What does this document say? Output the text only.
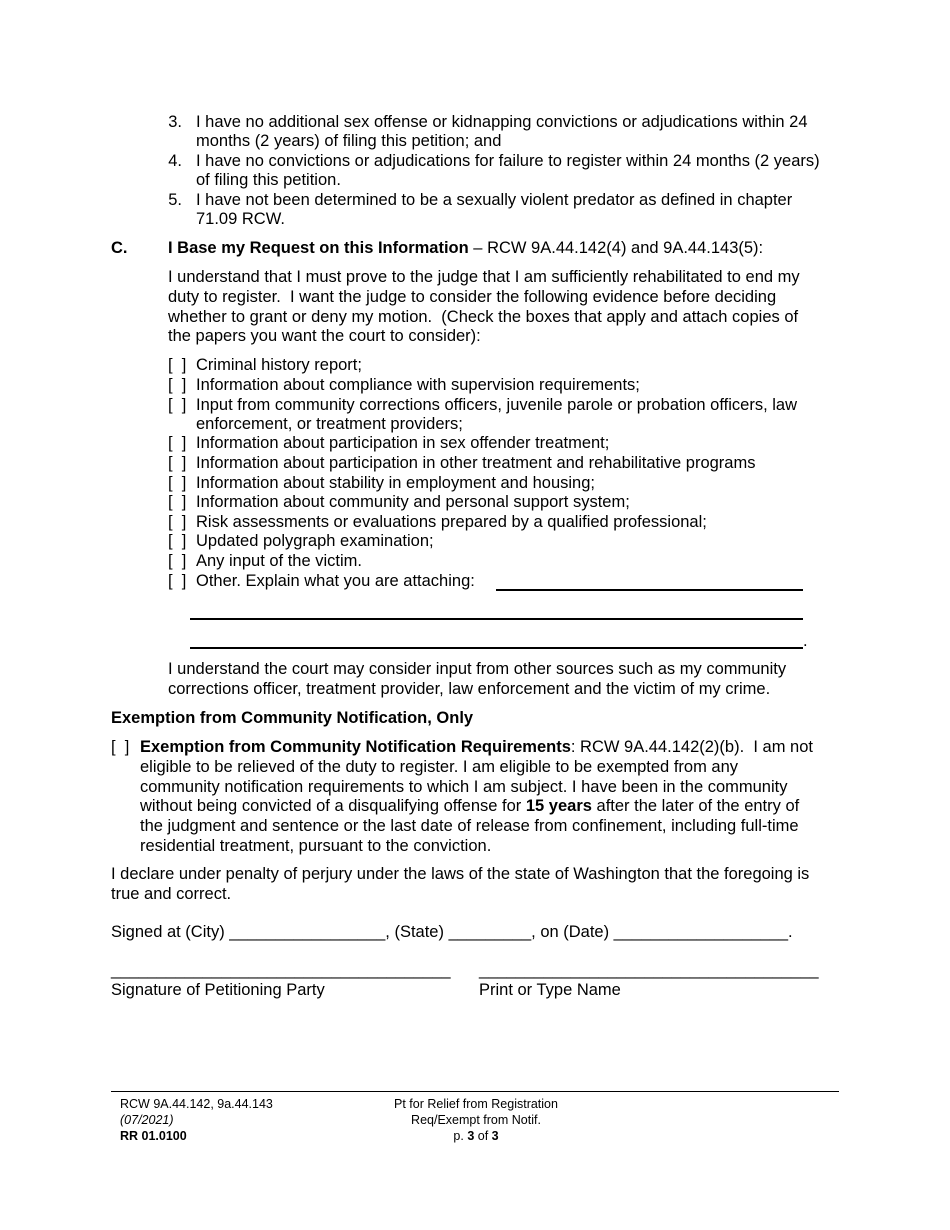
3. I have no additional sex offense or kidnapping convictions or adjudications within 24
months (2 years) of filing this petition; and
4. I have no convictions or adjudications for failure to register within 24 months (2 years)
of filing this petition.
5. I have not been determined to be a sexually violent predator as defined in chapter
71.09 RCW.
C. I Base my Request on this Information – RCW 9A.44.142(4) and 9A.44.143(5):
I understand that I must prove to the judge that I am sufficiently rehabilitated to end my
duty to register.  I want the judge to consider the following evidence before deciding
whether to grant or deny my motion.  (Check the boxes that apply and attach copies of
the papers you want the court to consider):
[  ] Criminal history report;
[  ] Information about compliance with supervision requirements;
[  ] Input from community corrections officers, juvenile parole or probation officers, law
enforcement, or treatment providers;
[  ] Information about participation in sex offender treatment;
[  ] Information about participation in other treatment and rehabilitative programs
[  ] Information about stability in employment and housing;
[  ] Information about community and personal support system;
[  ] Risk assessments or evaluations prepared by a qualified professional;
[  ] Updated polygraph examination;
[  ] Any input of the victim.
[  ] Other. Explain what you are attaching:
.
I understand the court may consider input from other sources such as my community
corrections officer, treatment provider, law enforcement and the victim of my crime.
Exemption from Community Notification, Only
[  ] Exemption from Community Notification Requirements: RCW 9A.44.142(2)(b).  I am not
eligible to be relieved of the duty to register. I am eligible to be exempted from any
community notification requirements to which I am subject. I have been in the community
without being convicted of a disqualifying offense for 15 years after the later of the entry of
the judgment and sentence or the last date of release from confinement, including full-time
residential treatment, pursuant to the conviction.
I declare under penalty of perjury under the laws of the state of Washington that the foregoing is
true and correct.
Signed at (City) _________________, (State) _________, on (Date) ___________________.
_____________________________________ _____________________________________
Signature of Petitioning Party	Print or Type Name
RCW 9A.44.142, 9a.44.143
(07/2021)
RR 01.0100
Pt for Relief from Registration
Req/Exempt from Notif.
p. 3 of 3
